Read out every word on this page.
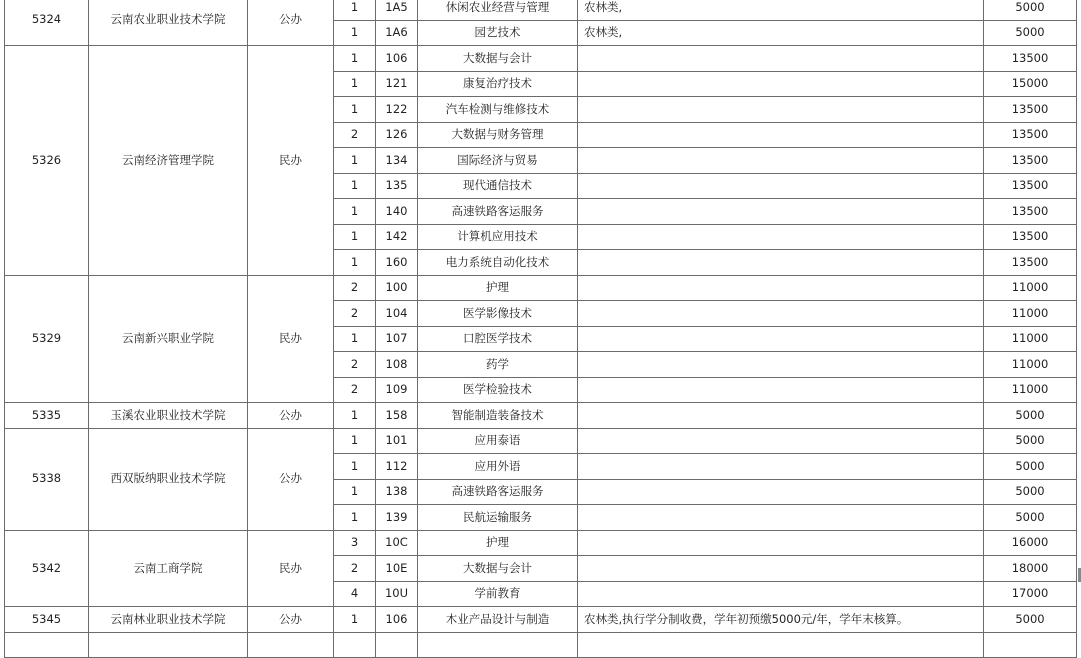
5324	云南农业职业技术学院	公办	1	1A5	休闲农业经营与管理	农林类,	5000
			1	1A6	园艺技术	农林类,	5000
5326	云南经济管理学院	民办	1	106	大数据与会计		13500
			1	121	康复治疗技术		15000
			1	122	汽车检测与维修技术		13500
			2	126	大数据与财务管理		13500
			1	134	国际经济与贸易		13500
			1	135	现代通信技术		13500
			1	140	高速铁路客运服务		13500
			1	142	计算机应用技术		13500
			1	160	电力系统自动化技术		13500
5329	云南新兴职业学院	民办	2	100	护理		11000
			2	104	医学影像技术		11000
			1	107	口腔医学技术		11000
			2	108	药学		11000
			2	109	医学检验技术		11000
5335	玉溪农业职业技术学院	公办	1	158	智能制造装备技术		5000
5338	西双版纳职业技术学院	公办	1	101	应用泰语		5000
			1	112	应用外语		5000
			1	138	高速铁路客运服务		5000
			1	139	民航运输服务		5000
5342	云南工商学院	民办	3	10C	护理		16000
			2	10E	大数据与会计		18000
			4	10U	学前教育		17000
5345	云南林业职业技术学院	公办	1	106	木业产品设计与制造	农林类,执行学分制收费，学年初预缴5000元/年，学年末核算。	5000
